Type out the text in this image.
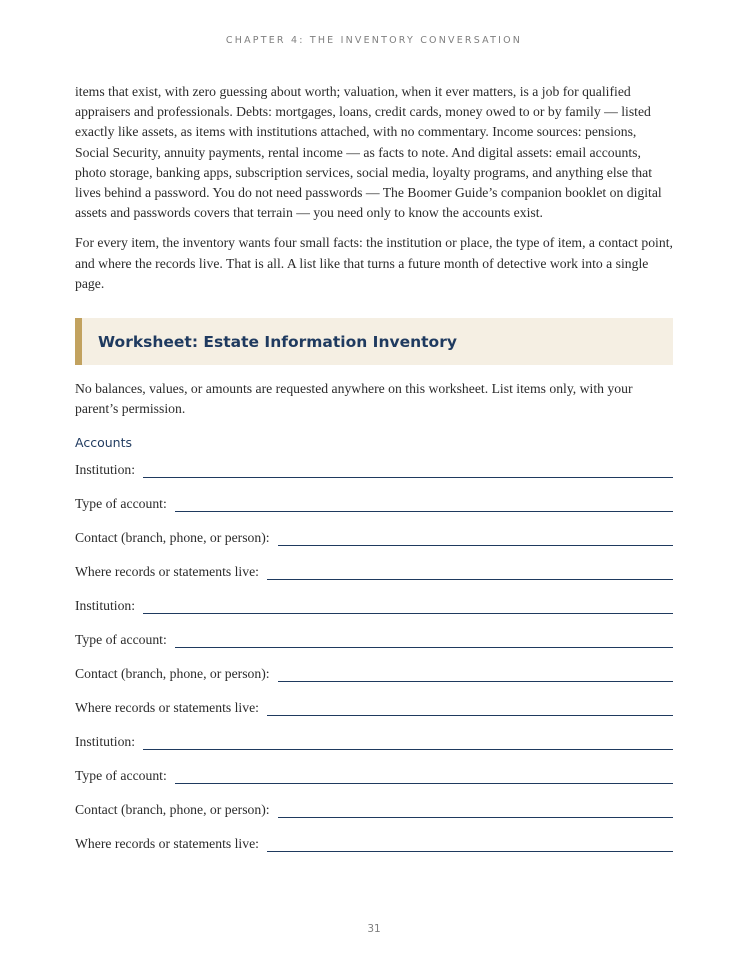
CHAPTER 4: THE INVENTORY CONVERSATION

items that exist, with zero guessing about worth; valuation, when it ever matters, is a job for qualified appraisers and professionals. Debts: mortgages, loans, credit cards, money owed to or by family — listed exactly like assets, as items with institutions attached, with no commentary. Income sources: pensions, Social Security, annuity payments, rental income — as facts to note. And digital assets: email accounts, photo storage, banking apps, subscription services, social media, loyalty programs, and anything else that lives behind a password. You do not need passwords — The Boomer Guide’s companion booklet on digital assets and passwords covers that terrain — you need only to know the accounts exist.

For every item, the inventory wants four small facts: the institution or place, the type of item, a contact point, and where the records live. That is all. A list like that turns a future month of detective work into a single page.

Worksheet: Estate Information Inventory

No balances, values, or amounts are requested anywhere on this worksheet. List items only, with your parent’s permission.

Accounts
Institution:
Type of account:
Contact (branch, phone, or person):
Where records or statements live:
Institution:
Type of account:
Contact (branch, phone, or person):
Where records or statements live:
Institution:
Type of account:
Contact (branch, phone, or person):
Where records or statements live:
31
